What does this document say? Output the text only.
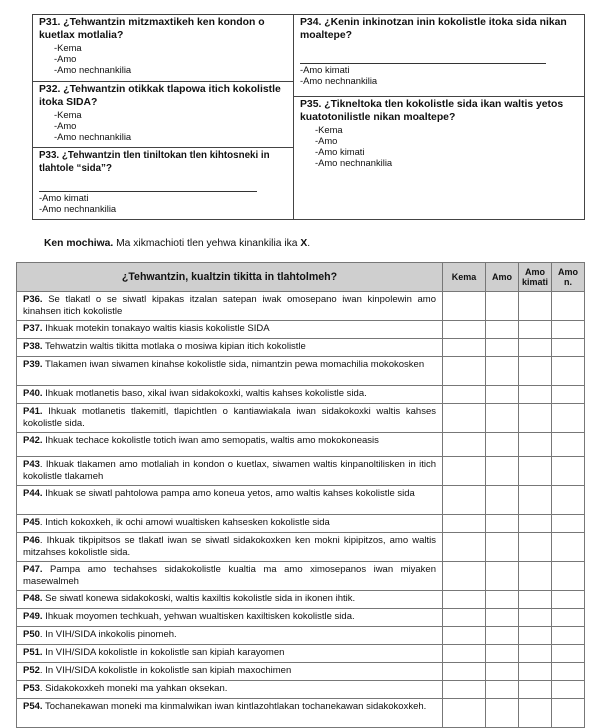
P31. ¿Tehwantzin mitzmaxtikeh ken kondon o kuetlax motlalia?
-Kema
-Amo
-Amo nechnankilia
P32. ¿Tehwantzin otikkak tlapowa itich kokolistle itoka SIDA?
-Kema
-Amo
-Amo nechnankilia
P33. ¿Tehwantzin tlen tiniltokan tlen kihtosneki in tlahtole “sida”?
-Amo kimati
-Amo nechnankilia
P34. ¿Kenin inkinotzan inin kokolistle itoka sida nikan moaltepe?
-Amo kimati
-Amo nechnankilia
P35. ¿Tikneltoka tlen kokolistle sida ikan waltis yetos kuatotonilistle nikan moaltepe?
-Kema
-Amo
-Amo kimati
-Amo nechnankilia
Ken mochiwa. Ma xikmachioti tlen yehwa kinankilia ika X.
¿Tehwantzin, kualtzin tikitta in tlahtolmeh?	Kema	Amo	Amo kimati	Amo n.
P36. Se tlakatl o se siwatl kipakas itzalan satepan iwak omosepano iwan kinpolewin amo kinahsen itich kokolistle				
P37. Ihkuak motekin tonakayo waltis kiasis kokolistle SIDA				
P38. Tehwatzin waltis tikitta motlaka o mosiwa kipian itich kokolistle				
P39. Tlakamen iwan siwamen kinahse kokolistle sida, nimantzin pewa momachilia mokokosken				
P40. Ihkuak motlanetis baso, xikal iwan sidakokoxki, waltis kahses kokolistle sida.				
P41. Ihkuak motlanetis tlakemitl, tlapichtlen o kantiawiakala iwan sidakokoxki waltis kahses kokolistle sida.				
P42. Ihkuak techace kokolistle totich iwan amo semopatis, waltis amo mokokoneasis				
P43. Ihkuak tlakamen amo motlaliah in kondon o kuetlax, siwamen waltis kinpanoltilisken in itich kokolistle tlakameh				
P44. Ihkuak se siwatl pahtolowa pampa amo koneua yetos, amo waltis kahses kokolistle sida				
P45. Intich kokoxkeh, ik ochi amowi wualtisken kahsesken kokolistle sida				
P46. Ihkuak tikpipitsos se tlakatl iwan se siwatl sidakokoxken ken mokni kipipitzos, amo waltis mitzahses kokolistle sida.				
P47. Pampa amo techahses sidakokolistle kualtia ma amo ximosepanos iwan miyaken masewalmeh				
P48. Se siwatl konewa sidakokoski, waltis kaxiltis kokolistle sida in ikonen ihtik.				
P49. Ihkuak moyomen techkuah, yehwan wualtisken kaxiltisken kokolistle sida.				
P50. In VIH/SIDA inkokolis pinomeh.				
P51. In VIH/SIDA kokolistle in kokolistle san kipiah karayomen				
P52. In VIH/SIDA kokolistle in kokolistle san kipiah maxochimen				
P53. Sidakokoxkeh moneki ma yahkan oksekan.				
P54. Tochanekawan moneki ma kinmalwikan iwan kintlazohtlakan tochanekawan sidakokoxkeh.				
